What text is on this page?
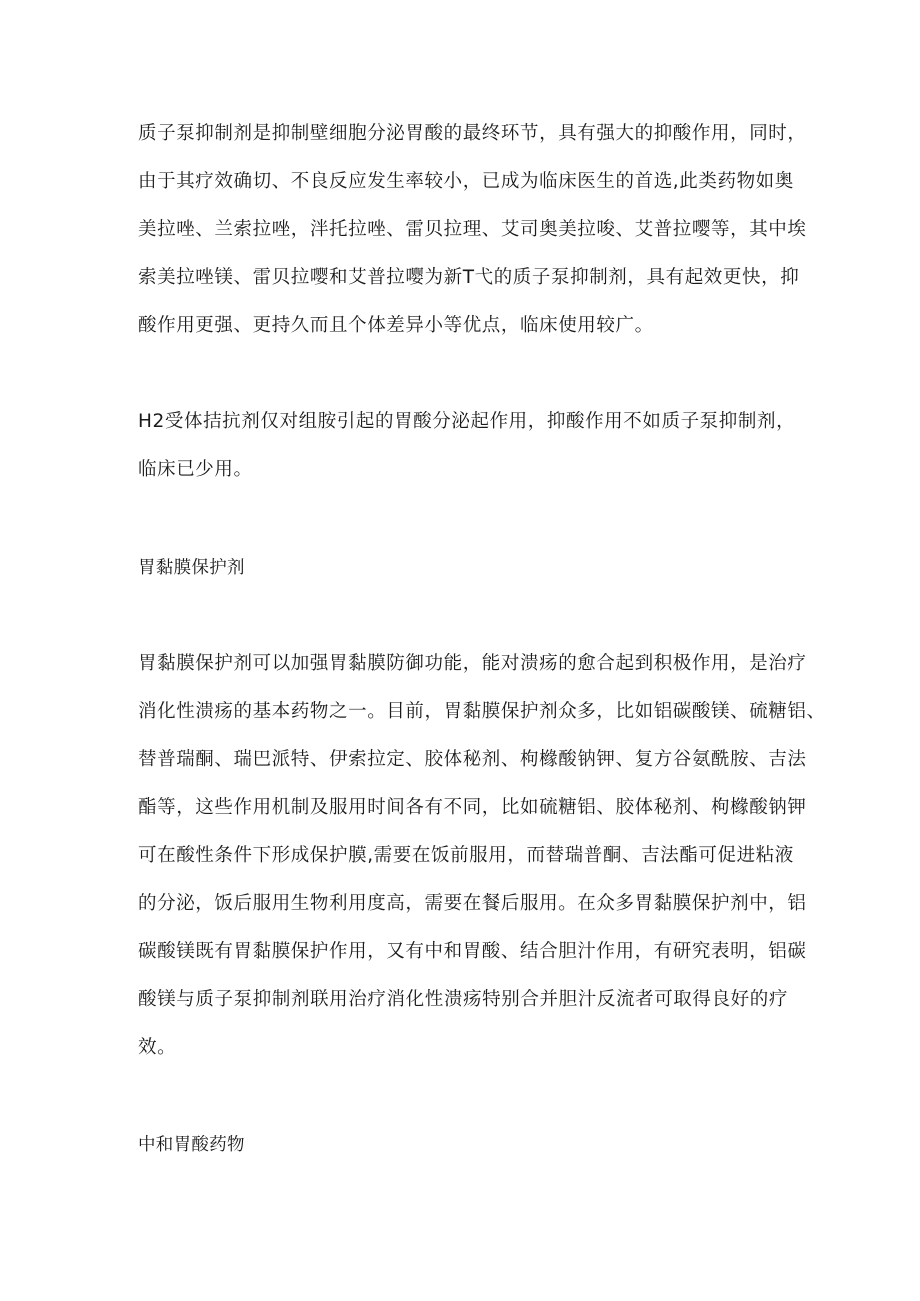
质子泵抑制剂是抑制壁细胞分泌胃酸的最终环节，具有强大的抑酸作用，同时，
由于其疗效确切、不良反应发生率较小，已成为临床医生的首选,此类药物如奥
美拉唑、兰索拉唑，泮托拉唑、雷贝拉理、艾司奥美拉唆、艾普拉嘤等，其中埃
索美拉唑镁、雷贝拉嘤和艾普拉嘤为新T弋的质子泵抑制剂，具有起效更快，抑
酸作用更强、更持久而且个体差异小等优点，临床使用较广。
H2受体拮抗剂仅对组胺引起的胃酸分泌起作用，抑酸作用不如质子泵抑制剂，
临床已少用。
胃黏膜保护剂
胃黏膜保护剂可以加强胃黏膜防御功能，能对溃疡的愈合起到积极作用，是治疗
消化性溃疡的基本药物之一。目前，胃黏膜保护剂众多，比如铝碳酸镁、硫糖铝、
替普瑞酮、瑞巴派特、伊索拉定、胶体秘剂、枸橼酸钠钾、复方谷氨酰胺、吉法
酯等，这些作用机制及服用时间各有不同，比如硫糖铝、胶体秘剂、枸橼酸钠钾
可在酸性条件下形成保护膜,需要在饭前服用，而替瑞普酮、吉法酯可促进粘液
的分泌，饭后服用生物利用度高，需要在餐后服用。在众多胃黏膜保护剂中，铝
碳酸镁既有胃黏膜保护作用，又有中和胃酸、结合胆汁作用，有研究表明，铝碳
酸镁与质子泵抑制剂联用治疗消化性溃疡特别合并胆汁反流者可取得良好的疗
效。
中和胃酸药物
